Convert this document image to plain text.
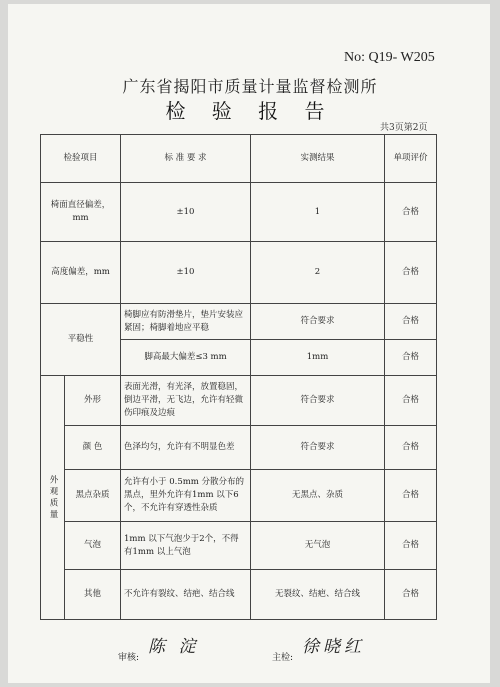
No: Q19- W205
广东省揭阳市质量计量监督检测所
检 验 报 告
共3页第2页
检验项目		标 准 要 求	实测结果	单项评价
椅面直径偏差，mm		±10	1	合格
高度偏差，mm		±10	2	合格
平稳性		椅脚应有防滑垫片，垫片安装应紧固；椅脚着地应平稳	符合要求	合格
		脚高最大偏差≤3 mm	1mm	合格
外观质量	外形	表面光滑，有光泽，放置稳固，倒边平滑，无飞边，允许有轻微伤印痕及边痕	符合要求	合格
	颜 色	色泽均匀，允许有不明显色差	符合要求	合格
	黑点杂质	允许有小于 0.5mm 分散分布的黑点，里外允许有1mm 以下6个，不允许有穿透性杂质	无黑点、杂质	合格
	气泡	1mm 以下气泡少于2个，不得有1mm 以上气泡	无气泡	合格
	其他	不允许有裂纹、结疤、结合线	无裂纹、结疤、结合线	合格
审核:
陈 淀
主检:
徐晓红
